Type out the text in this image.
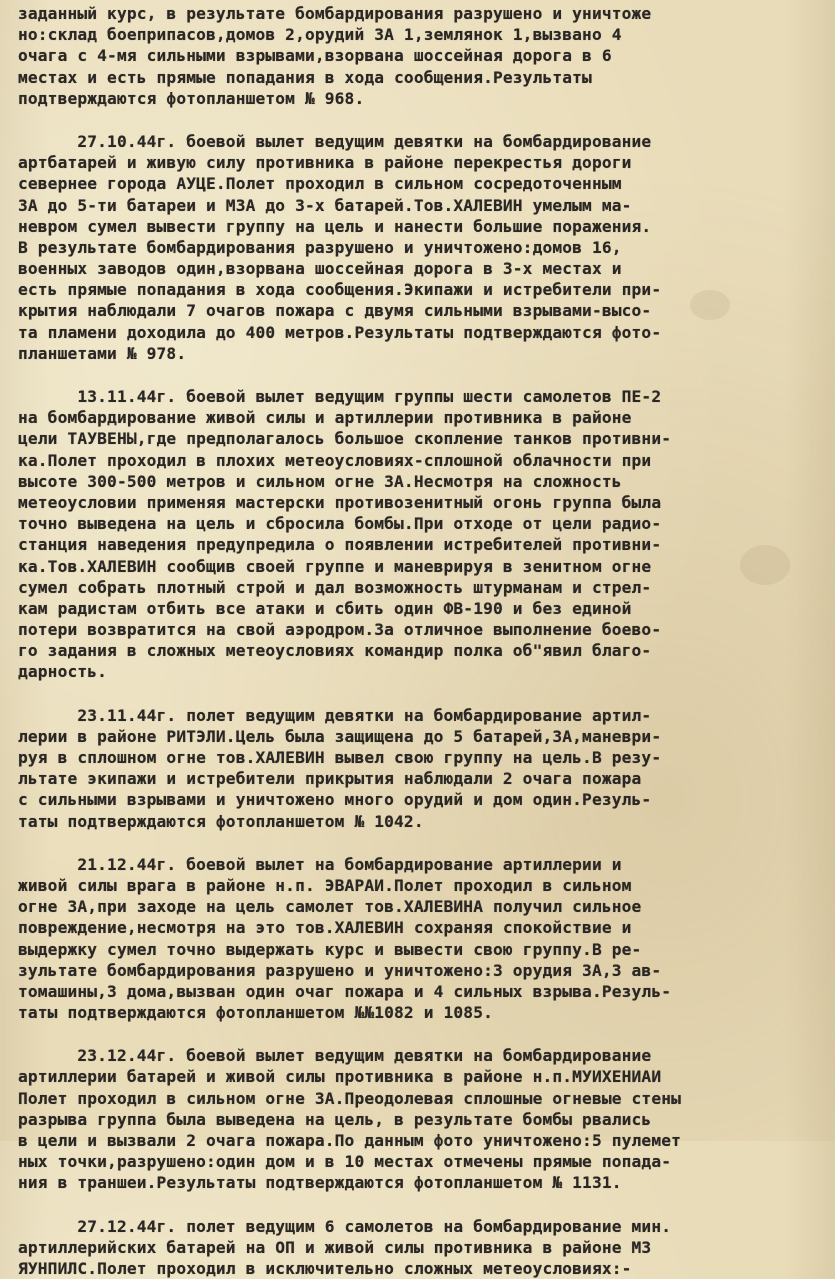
заданный курс, в результате бомбардирования разрушено и уничтоже
но:склад боеприпасов,домов 2,орудий ЗА 1,землянок 1,вызвано 4
очага с 4-мя сильными взрывами,взорвана шоссейная дорога в 6
местах и есть прямые попадания в хода сообщения.Результаты
подтверждаются фотопланшетом № 968.
27.10.44г. боевой вылет ведущим девятки на бомбардирование
артбатарей и живую силу противника в районе перекрестья дороги
севернее города АУЦЕ.Полет проходил в сильном сосредоточенным
ЗА до 5-ти батареи и МЗА до 3-х батарей.Тов.ХАЛЕВИН умелым ма-
невром сумел вывести группу на цель и нанести большие поражения.
В результате бомбардирования разрушено и уничтожено:домов 16,
военных заводов один,взорвана шоссейная дорога в 3-х местах и
есть прямые попадания в хода сообщения.Экипажи и истребители при-
крытия наблюдали 7 очагов пожара с двумя сильными взрывами-высо-
та пламени доходила до 400 метров.Результаты подтверждаются фото-
планшетами № 978.
13.11.44г. боевой вылет ведущим группы шести самолетов ПЕ-2
на бомбардирование живой силы и артиллерии противника в районе
цели ТАУВЕНЫ,где предполагалось большое скопление танков противни-
ка.Полет проходил в плохих метеоусловиях-сплошной облачности при
высоте 300-500 метров и сильном огне ЗА.Несмотря на сложность
метеоусловии применяя мастерски противозенитный огонь группа была
точно выведена на цель и сбросила бомбы.При отходе от цели радио-
станция наведения предупредила о появлении истребителей противни-
ка.Тов.ХАЛЕВИН сообщив своей группе и маневрируя в зенитном огне
сумел собрать плотный строй и дал возможность штурманам и стрел-
кам радистам отбить все атаки и сбить один ФВ-190 и без единой
потери возвратится на свой аэродром.За отличное выполнение боево-
го задания в сложных метеоусловиях командир полка об"явил благо-
дарность.
23.11.44г. полет ведущим девятки на бомбардирование артил-
лерии в районе РИТЭЛИ.Цель была защищена до 5 батарей,ЗА,маневри-
руя в сплошном огне тов.ХАЛЕВИН вывел свою группу на цель.В резу-
льтате экипажи и истребители прикрытия наблюдали 2 очага пожара
с сильными взрывами и уничтожено много орудий и дом один.Резуль-
таты подтверждаются фотопланшетом № 1042.
21.12.44г. боевой вылет на бомбардирование артиллерии и
живой силы врага в районе н.п. ЭВАРАИ.Полет проходил в сильном
огне ЗА,при заходе на цель самолет тов.ХАЛЕВИНА получил сильное
повреждение,несмотря на это тов.ХАЛЕВИН сохраняя спокойствие и
выдержку сумел точно выдержать курс и вывести свою группу.В ре-
зультате бомбардирования разрушено и уничтожено:3 орудия ЗА,3 ав-
томашины,3 дома,вызван один очаг пожара и 4 сильных взрыва.Резуль-
таты подтверждаются фотопланшетом №№1082 и 1085.
23.12.44г. боевой вылет ведущим девятки на бомбардирование
артиллерии батарей и живой силы противника в районе н.п.МУИХЕНИАИ
Полет проходил в сильном огне ЗА.Преодолевая сплошные огневые стены
разрыва группа была выведена на цель, в результате бомбы рвались
в цели и вызвали 2 очага пожара.По данным фото уничтожено:5 пулемет
ных точки,разрушено:один дом и в 10 местах отмечены прямые попада-
ния в траншеи.Результаты подтверждаются фотопланшетом № 1131.
27.12.44г. полет ведущим 6 самолетов на бомбардирование мин.
артиллерийских батарей на ОП и живой силы противника в районе МЗ
ЯУНПИЛС.Полет проходил в исключительно сложных метеоусловиях:-
